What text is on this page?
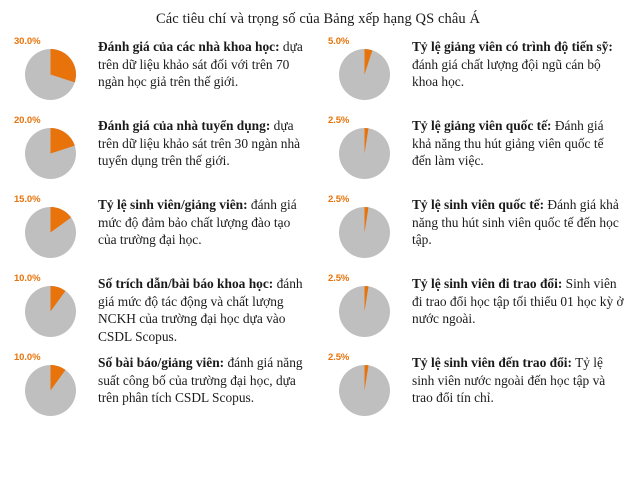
Các tiêu chí và trọng số của Bảng xếp hạng QS châu Á
30.0%	Đánh giá của các nhà khoa học: dựa trên dữ liệu khảo sát đối với trên 70 ngàn học giả trên thế giới.
20.0%	Đánh giá của nhà tuyển dụng: dựa trên dữ liệu khảo sát trên 30 ngàn nhà tuyển dụng trên thế giới.
15.0%	Tỷ lệ sinh viên/giảng viên: đánh giá mức độ đảm bảo chất lượng đào tạo của trường đại học.
10.0%	Số trích dẫn/bài báo khoa học: đánh giá mức độ tác động và chất lượng NCKH của trường đại học dựa vào CSDL Scopus.
10.0%	Số bài báo/giảng viên: đánh giá năng suất công bố của trường đại học, dựa trên phân tích CSDL Scopus.
5.0%	Tỷ lệ giảng viên có trình độ tiến sỹ: đánh giá chất lượng đội ngũ cán bộ khoa học.
2.5%	Tỷ lệ giảng viên quốc tế: Đánh giá khả năng thu hút giảng viên quốc tế đến làm việc.
2.5%	Tỷ lệ sinh viên quốc tế: Đánh giá khả năng thu hút sinh viên quốc tế đến học tập.
2.5%	Tỷ lệ sinh viên đi trao đổi: Sinh viên đi trao đổi học tập tối thiểu 01 học kỳ ở nước ngoài.
2.5%	Tỷ lệ sinh viên đến trao đổi: Tỷ lệ sinh viên nước ngoài đến học tập và trao đổi tín chỉ.
